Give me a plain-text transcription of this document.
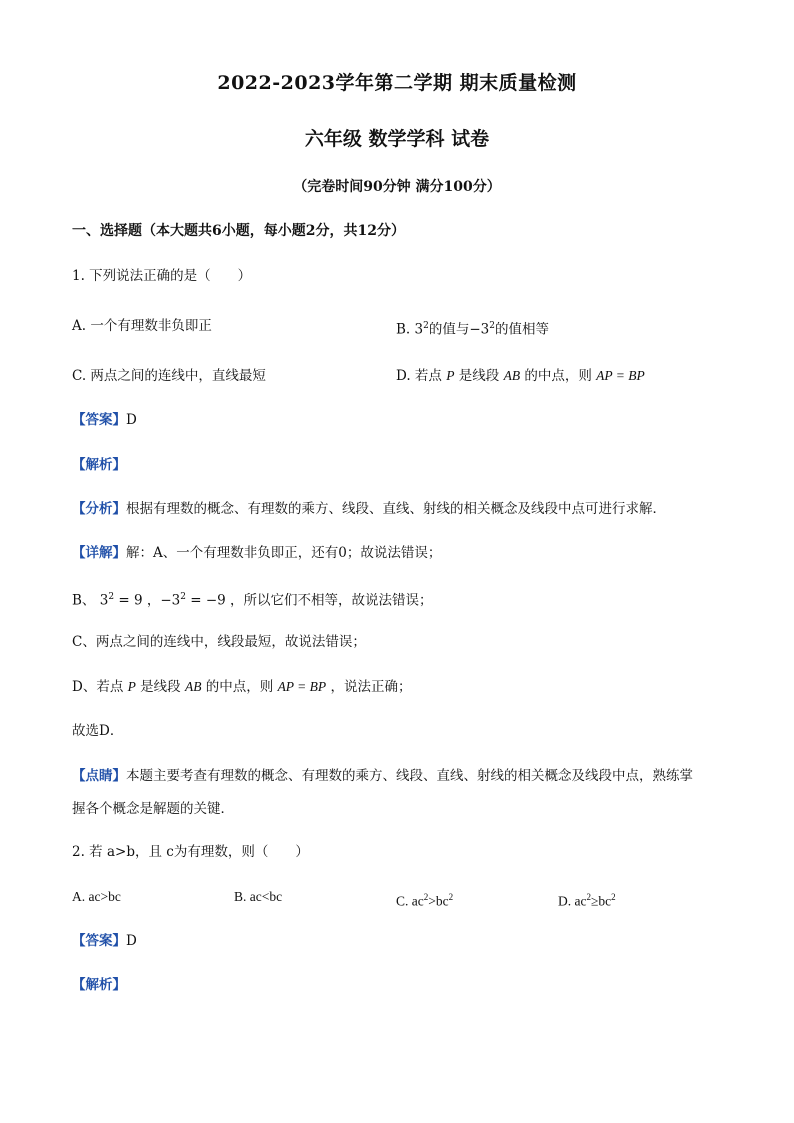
2022-2023学年第二学期 期末质量检测
六年级 数学学科 试卷
（完卷时间90分钟 满分100分）
一、选择题（本大题共6小题，每小题2分，共12分）
1. 下列说法正确的是（　　）
A. 一个有理数非负即正	B. $3^2$的值与$-3^2$的值相等
C. 两点之间的连线中，直线最短	D. 若点 P 是线段 AB 的中点，则 AP = BP
【答案】D
【解析】
【分析】根据有理数的概念、有理数的乘方、线段、直线、射线的相关概念及线段中点可进行求解．
【详解】解：A、一个有理数非负即正，还有0；故说法错误；
B、 $3^2 = 9$ ，$-3^2 = -9$ ，所以它们不相等，故说法错误；
C、两点之间的连线中，线段最短，故说法错误；
D、若点 P 是线段 AB 的中点，则 AP = BP ，说法正确；
故选D．
【点睛】本题主要考查有理数的概念、有理数的乘方、线段、直线、射线的相关概念及线段中点，熟练掌
握各个概念是解题的关键．
2. 若 a>b，且 c为有理数，则（　　）
A. ac>bc	B. ac<bc	C. $ac^2>bc^2$	D. $ac^2\ge bc^2$
【答案】D
【解析】
